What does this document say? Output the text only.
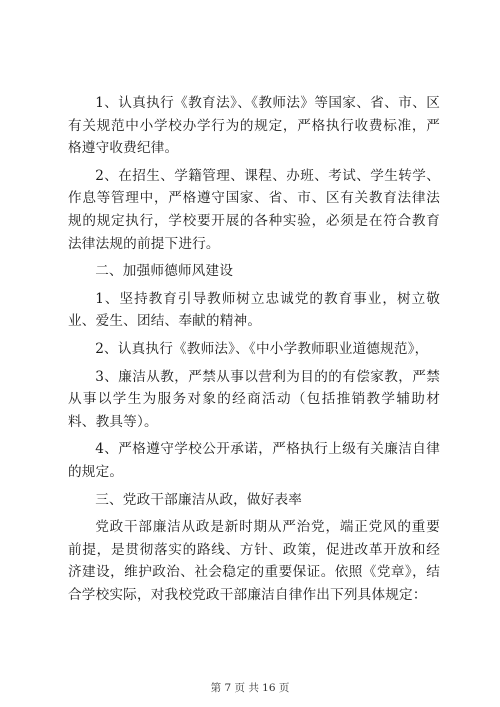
1、认真执行《教育法》、《教师法》等国家、省、市、区有关规范中小学校办学行为的规定，严格执行收费标准，严格遵守收费纪律。

2、在招生、学籍管理、课程、办班、考试、学生转学、作息等管理中，严格遵守国家、省、市、区有关教育法律法规的规定执行，学校要开展的各种实验，必须是在符合教育法律法规的前提下进行。

二、加强师德师风建设

1、坚持教育引导教师树立忠诚党的教育事业，树立敬业、爱生、团结、奉献的精神。

2、认真执行《教师法》、《中小学教师职业道德规范》，

3、廉洁从教，严禁从事以营利为目的的有偿家教，严禁从事以学生为服务对象的经商活动（包括推销教学辅助材料、教具等）。

4、严格遵守学校公开承诺，严格执行上级有关廉洁自律的规定。

三、党政干部廉洁从政，做好表率

党政干部廉洁从政是新时期从严治党，端正党风的重要前提，是贯彻落实的路线、方针、政策，促进改革开放和经济建设，维护政治、社会稳定的重要保证。依照《党章》，结合学校实际，对我校党政干部廉洁自律作出下列具体规定：

第 7 页 共 16 页
